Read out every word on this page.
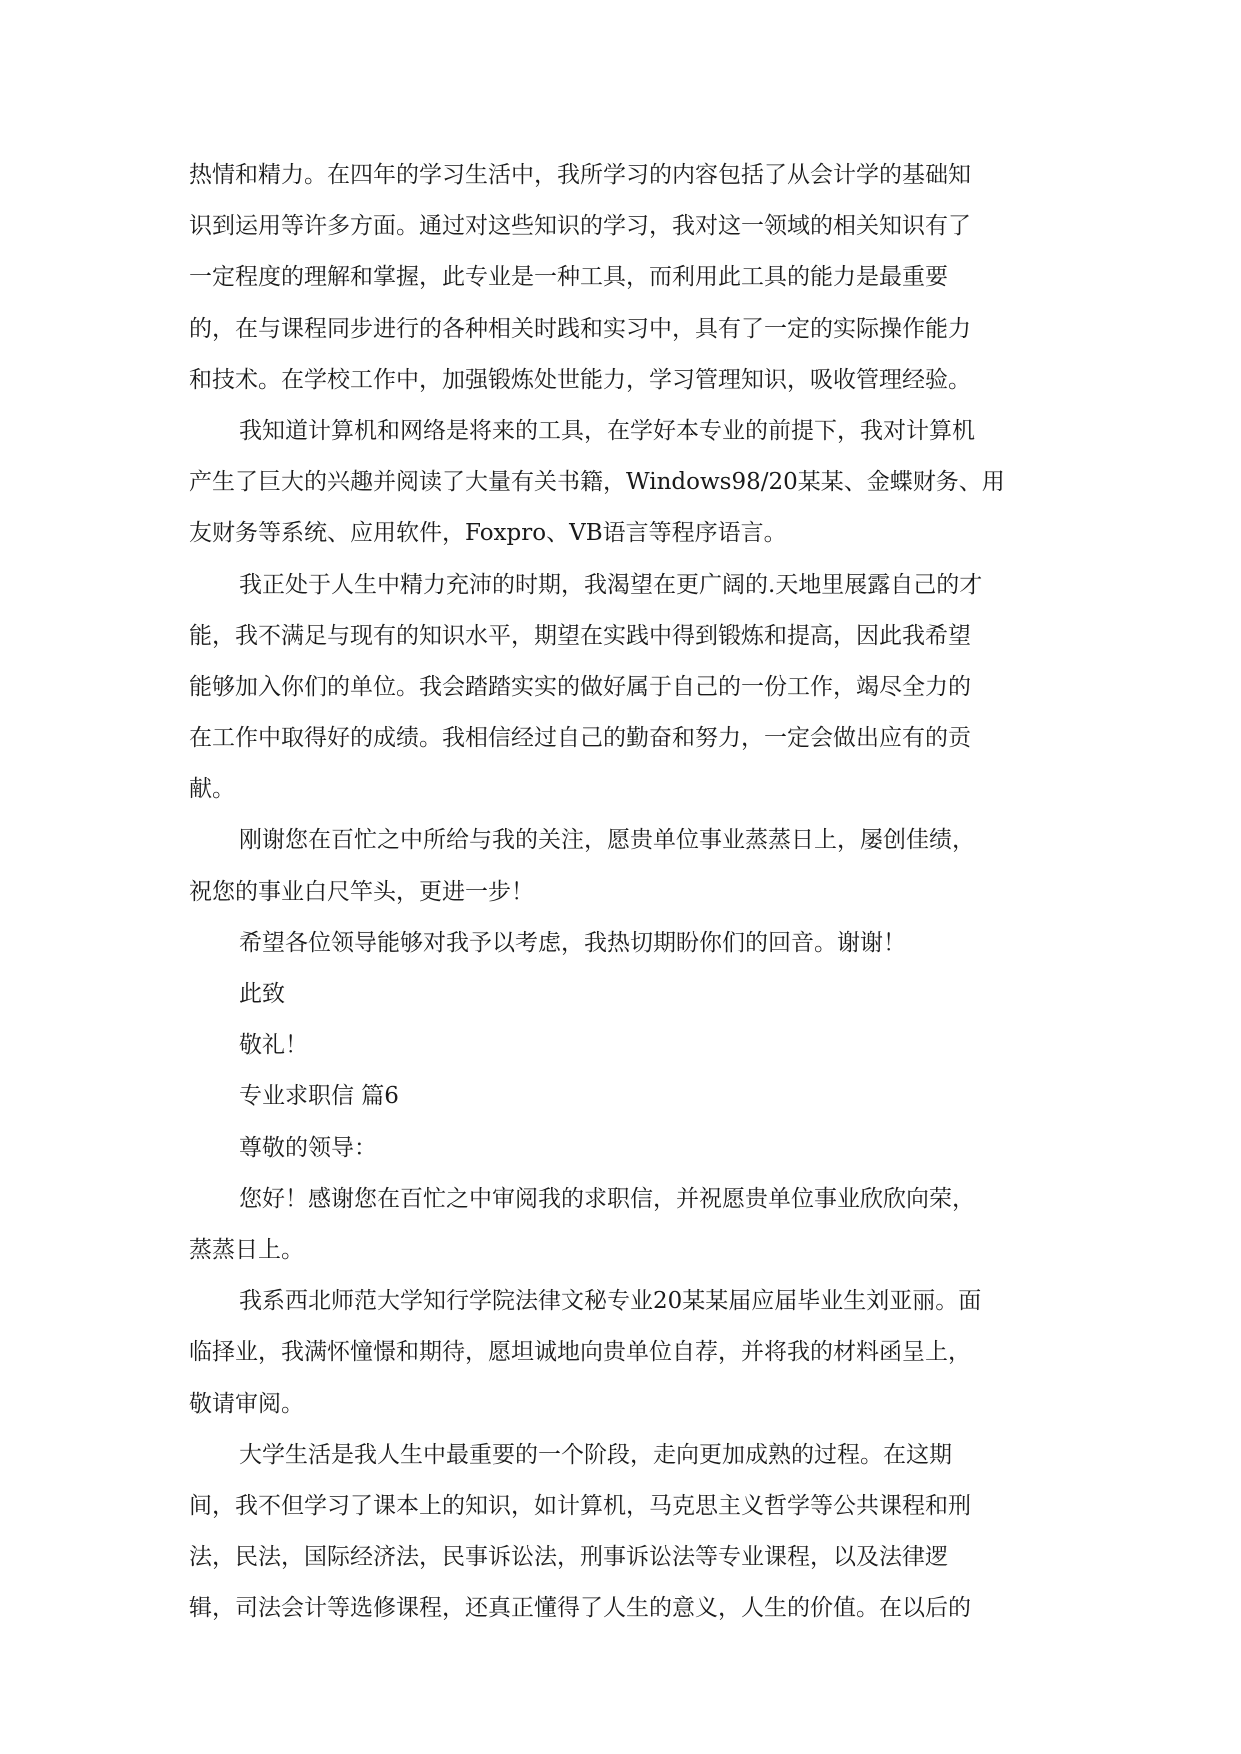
热情和精力。在四年的学习生活中，我所学习的内容包括了从会计学的基础知
识到运用等许多方面。通过对这些知识的学习，我对这一领域的相关知识有了
一定程度的理解和掌握，此专业是一种工具，而利用此工具的能力是最重要
的，在与课程同步进行的各种相关时践和实习中，具有了一定的实际操作能力
和技术。在学校工作中，加强锻炼处世能力，学习管理知识，吸收管理经验。
我知道计算机和网络是将来的工具，在学好本专业的前提下，我对计算机
产生了巨大的兴趣并阅读了大量有关书籍，Windows98/20某某、金蝶财务、用
友财务等系统、应用软件，Foxpro、VB语言等程序语言。
我正处于人生中精力充沛的时期，我渴望在更广阔的.天地里展露自己的才
能，我不满足与现有的知识水平，期望在实践中得到锻炼和提高，因此我希望
能够加入你们的单位。我会踏踏实实的做好属于自己的一份工作，竭尽全力的
在工作中取得好的成绩。我相信经过自己的勤奋和努力，一定会做出应有的贡
献。
刚谢您在百忙之中所给与我的关注，愿贵单位事业蒸蒸日上，屡创佳绩，
祝您的事业白尺竿头，更进一步！
希望各位领导能够对我予以考虑，我热切期盼你们的回音。谢谢！
此致
敬礼！
专业求职信 篇6
尊敬的领导：
您好！感谢您在百忙之中审阅我的求职信，并祝愿贵单位事业欣欣向荣，
蒸蒸日上。
我系西北师范大学知行学院法律文秘专业20某某届应届毕业生刘亚丽。面
临择业，我满怀憧憬和期待，愿坦诚地向贵单位自荐，并将我的材料函呈上，
敬请审阅。
大学生活是我人生中最重要的一个阶段，走向更加成熟的过程。在这期
间，我不但学习了课本上的知识，如计算机，马克思主义哲学等公共课程和刑
法，民法，国际经济法，民事诉讼法，刑事诉讼法等专业课程，以及法律逻
辑，司法会计等选修课程，还真正懂得了人生的意义，人生的价值。在以后的
